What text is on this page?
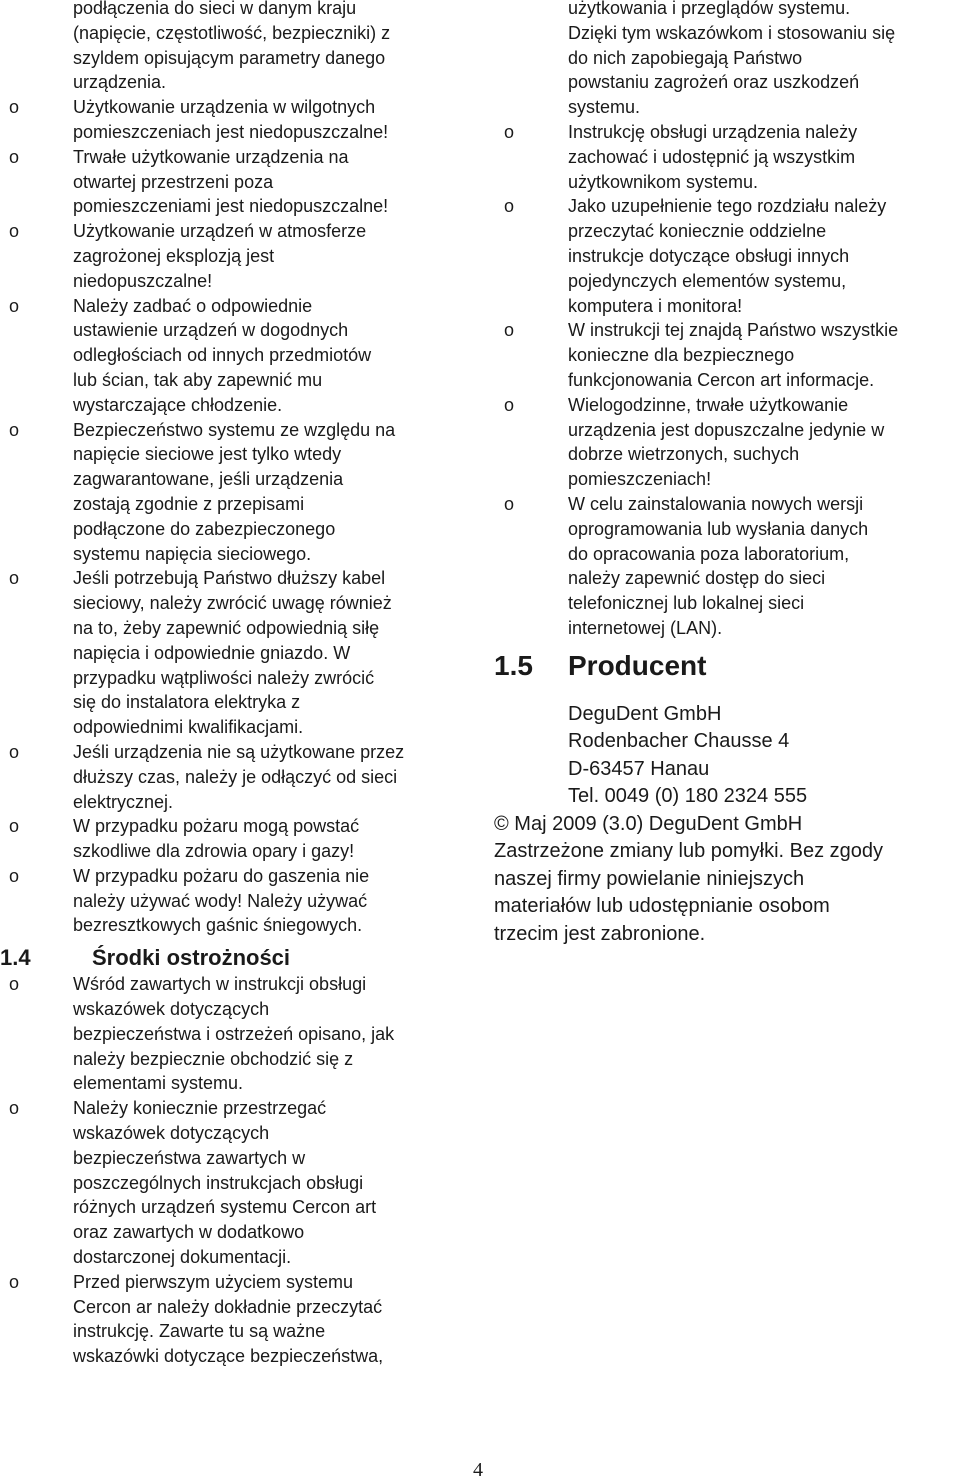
podłączenia do sieci w danym kraju
(napięcie, częstotliwość, bezpieczniki) z
szyldem opisującym parametry danego
urządzenia.
o	Użytkowanie urządzenia w wilgotnych
pomieszczeniach jest niedopuszczalne!
o	Trwałe użytkowanie urządzenia na
otwartej przestrzeni poza
pomieszczeniami jest niedopuszczalne!
o	Użytkowanie urządzeń w atmosferze
zagrożonej eksplozją jest
niedopuszczalne!
o	Należy zadbać o odpowiednie
ustawienie urządzeń w dogodnych
odległościach od innych przedmiotów
lub ścian, tak aby zapewnić mu
wystarczające chłodzenie.
o	Bezpieczeństwo systemu ze względu na
napięcie sieciowe jest tylko wtedy
zagwarantowane, jeśli urządzenia
zostają zgodnie z przepisami
podłączone do zabezpieczonego
systemu napięcia sieciowego.
o	Jeśli potrzebują Państwo dłuższy kabel
sieciowy, należy zwrócić uwagę również
na to, żeby zapewnić odpowiednią siłę
napięcia i odpowiednie gniazdo. W
przypadku wątpliwości należy zwrócić
się do instalatora elektryka z
odpowiednimi kwalifikacjami.
o	Jeśli urządzenia nie są użytkowane przez
dłuższy czas, należy je odłączyć od sieci
elektrycznej.
o	W przypadku pożaru mogą powstać
szkodliwe dla zdrowia opary i gazy!
o	W przypadku pożaru do gaszenia nie
należy używać wody! Należy używać
bezresztkowych gaśnic śniegowych.
1.4	Środki ostrożności
o	Wśród zawartych w instrukcji obsługi
wskazówek dotyczących
bezpieczeństwa i ostrzeżeń opisano, jak
należy bezpiecznie obchodzić się z
elementami systemu.
o	Należy koniecznie przestrzegać
wskazówek dotyczących
bezpieczeństwa zawartych w
poszczególnych instrukcjach obsługi
różnych urządzeń systemu Cercon art
oraz zawartych w dodatkowo
dostarczonej dokumentacji.
o	Przed pierwszym użyciem systemu
Cercon ar należy dokładnie przeczytać
instrukcję. Zawarte tu są ważne
wskazówki dotyczące bezpieczeństwa,
użytkowania i przeglądów systemu.
Dzięki tym wskazówkom i stosowaniu się
do nich zapobiegają Państwo
powstaniu zagrożeń oraz uszkodzeń
systemu.
o	Instrukcję obsługi urządzenia należy
zachować i udostępnić ją wszystkim
użytkownikom systemu.
o	Jako uzupełnienie tego rozdziału należy
przeczytać koniecznie oddzielne
instrukcje dotyczące obsługi innych
pojedynczych elementów systemu,
komputera i monitora!
o	W instrukcji tej znajdą Państwo wszystkie
konieczne dla bezpiecznego
funkcjonowania Cercon art informacje.
o	Wielogodzinne, trwałe użytkowanie
urządzenia jest dopuszczalne jedynie w
dobrze wietrzonych, suchych
pomieszczeniach!
o	W celu zainstalowania nowych wersji
oprogramowania lub wysłania danych
do opracowania poza laboratorium,
należy zapewnić dostęp do sieci
telefonicznej lub lokalnej sieci
internetowej (LAN).
1.5 Producent
DeguDent GmbH
Rodenbacher Chausse 4
D-63457 Hanau
Tel. 0049 (0) 180 2324 555
© Maj 2009 (3.0) DeguDent GmbH
Zastrzeżone zmiany lub pomyłki. Bez zgody
naszej firmy powielanie niniejszych
materiałów lub udostępnianie osobom
trzecim jest zabronione.
4
